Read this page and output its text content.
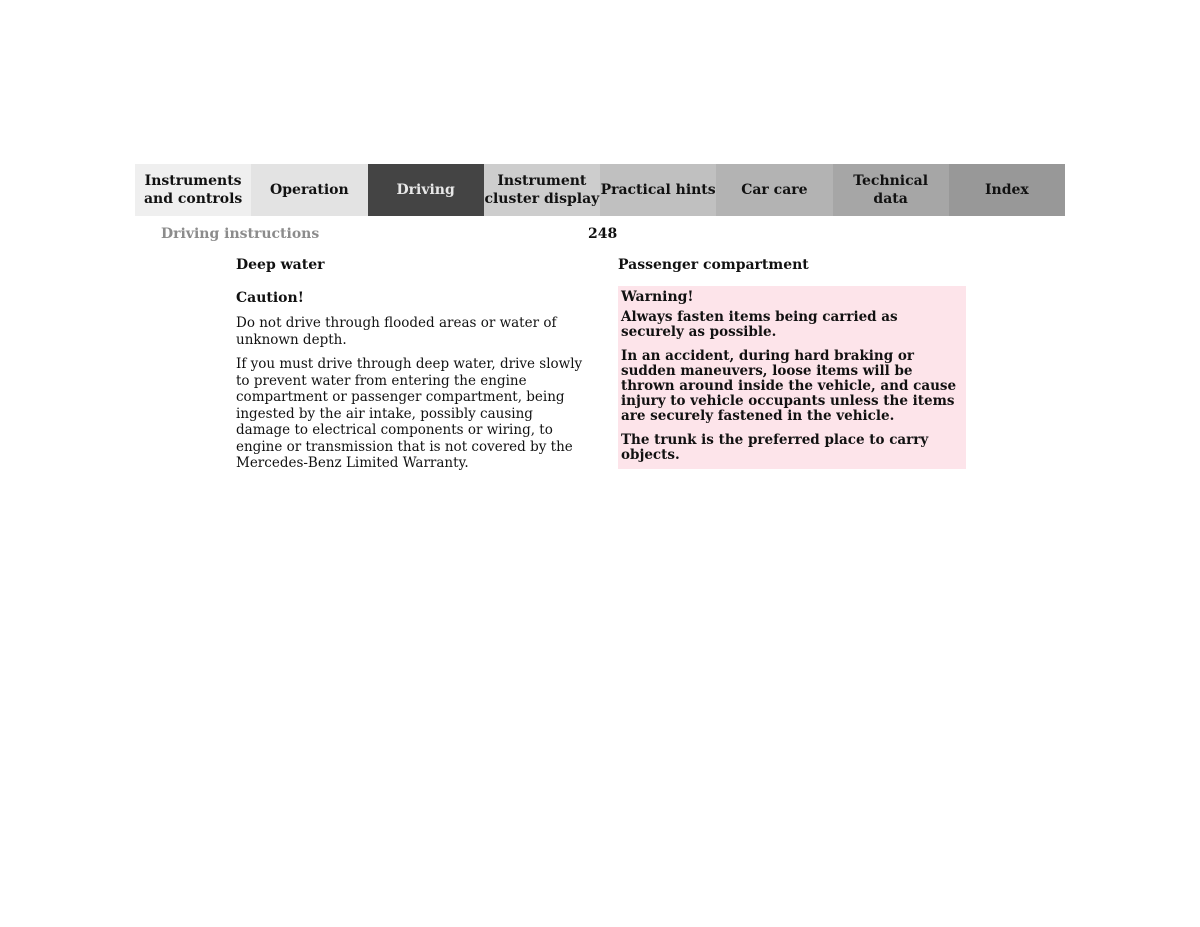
Instruments
and controls
Operation	Driving
Instrument
cluster display
Practical hints	Car care
Technical
data
Index
Driving instructions	248
Deep water
Caution!

Do not drive through flooded areas or water of unknown depth.

If you must drive through deep water, drive slowly to prevent water from entering the engine compartment or passenger compartment, being ingested by the air intake, possibly causing damage to electrical components or wiring, to engine or transmission that is not covered by the Mercedes-Benz Limited Warranty.

Passenger compartment
Warning!

Always fasten items being carried as securely as possible.

In an accident, during hard braking or sudden maneuvers, loose items will be thrown around inside the vehicle, and cause injury to vehicle occupants unless the items are securely fastened in the vehicle.

The trunk is the preferred place to carry objects.
